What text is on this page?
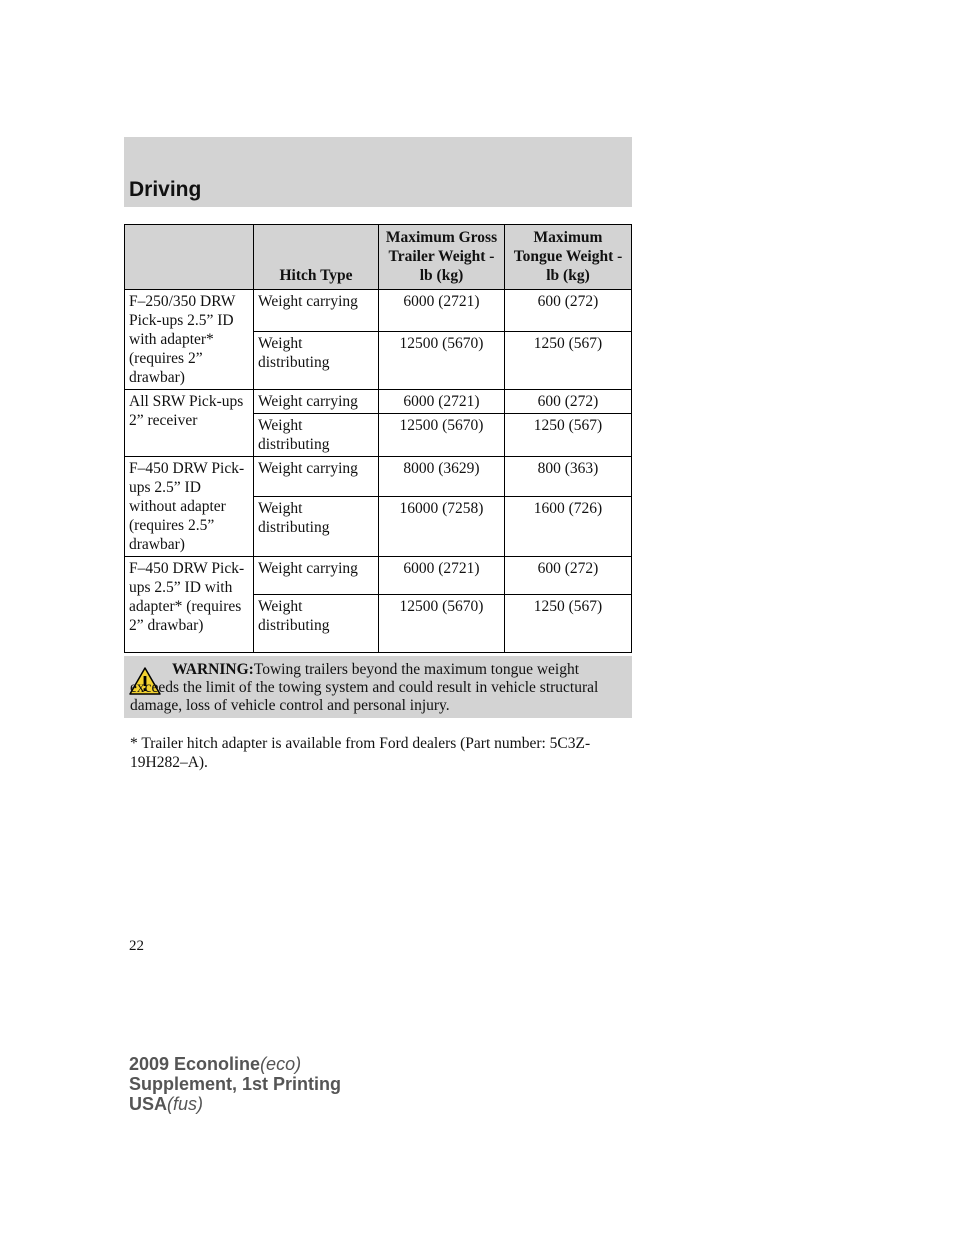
Driving
	Hitch Type	Maximum Gross Trailer Weight - lb (kg)	Maximum Tongue Weight - lb (kg)
F–250/350 DRW Pick-ups 2.5” ID with adapter* (requires 2” drawbar)	Weight carrying	6000 (2721)	600 (272)
	Weight distributing	12500 (5670)	1250 (567)
All SRW Pick-ups 2” receiver	Weight carrying	6000 (2721)	600 (272)
	Weight distributing	12500 (5670)	1250 (567)
F–450 DRW Pick-ups 2.5” ID without adapter (requires 2.5” drawbar)	Weight carrying	8000 (3629)	800 (363)
	Weight distributing	16000 (7258)	1600 (726)
F–450 DRW Pick-ups 2.5” ID with adapter* (requires 2” drawbar)	Weight carrying	6000 (2721)	600 (272)
	Weight distributing	12500 (5670)	1250 (567)
WARNING:Towing trailers beyond the maximum tongue weight exceeds the limit of the towing system and could result in vehicle structural damage, loss of vehicle control and personal injury.
* Trailer hitch adapter is available from Ford dealers (Part number: 5C3Z-19H282–A).
22
2009 Econoline(eco)
Supplement, 1st Printing
USA(fus)
